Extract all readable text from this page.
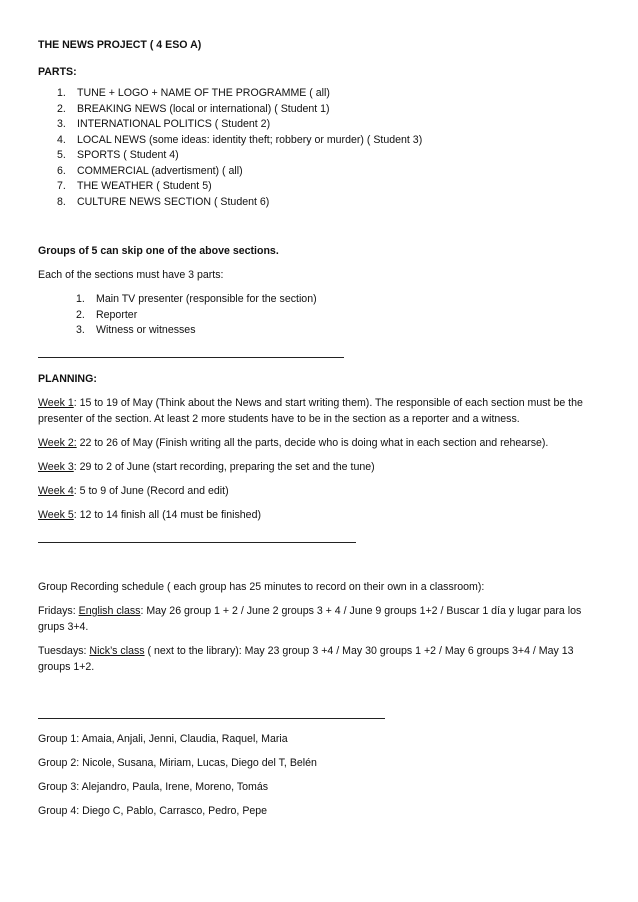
THE NEWS PROJECT ( 4 ESO A)

PARTS:

1. TUNE + LOGO + NAME OF THE PROGRAMME ( all)
2. BREAKING NEWS (local or international) ( Student 1)
3. INTERNATIONAL POLITICS ( Student 2)
4. LOCAL NEWS (some ideas: identity theft; robbery or murder) ( Student 3)
5. SPORTS ( Student 4)
6. COMMERCIAL (advertisment) ( all)
7. THE WEATHER ( Student 5)
8. CULTURE NEWS SECTION ( Student 6)

Groups of 5 can skip one of the above sections.

Each of the sections must have 3 parts:

1. Main TV presenter (responsible for the section)
2. Reporter
3. Witness or witnesses

PLANNING:

Week 1: 15 to 19 of May (Think about the News and start writing them). The responsible of each section must be the presenter of the section. At least 2 more students have to be in the section as a reporter and a witness.

Week 2: 22 to 26 of May (Finish writing all the parts, decide who is doing what in each section and rehearse).

Week 3: 29 to 2 of June (start recording, preparing the set and the tune)

Week 4: 5 to 9 of June (Record and edit)

Week 5: 12 to 14 finish all (14 must be finished)

Group Recording schedule ( each group has 25 minutes to record on their own in a classroom):

Fridays: English class: May 26 group 1 + 2 / June 2 groups 3 + 4 / June 9 groups 1+2 / Buscar 1 día y lugar para los grups 3+4.

Tuesdays: Nick’s class ( next to the library): May 23 group 3 +4 / May 30 groups 1 +2 / May 6 groups 3+4 / May 13 groups 1+2.

Group 1: Amaia, Anjali, Jenni, Claudia, Raquel, Maria

Group 2: Nicole, Susana, Miriam, Lucas, Diego del T, Belén

Group 3: Alejandro, Paula, Irene, Moreno, Tomás

Group 4: Diego C, Pablo, Carrasco, Pedro, Pepe
